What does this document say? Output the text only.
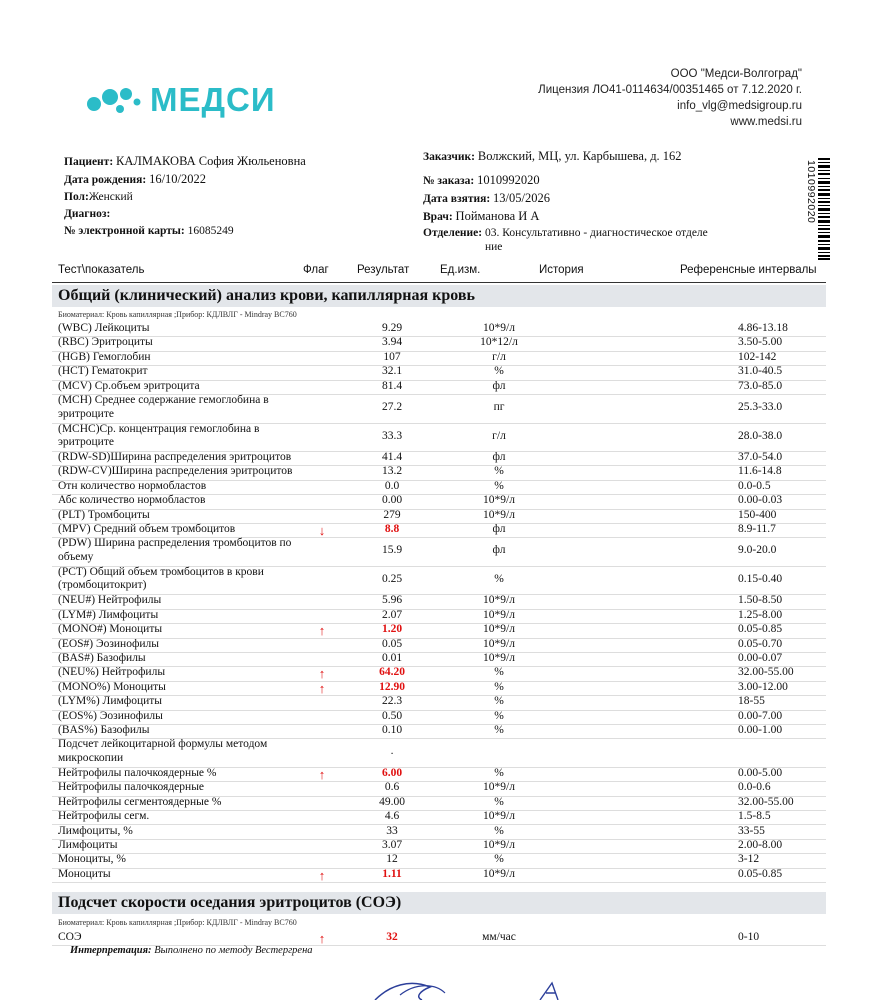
МЕДСИ
ООО "Медси-Волгоград"
Лицензия ЛО41-0114634/00351465 от 7.12.2020 г.
info_vlg@medsigroup.ru
www.medsi.ru
Пациент: КАЛМАКОВА София Жюльеновна
Дата рождения: 16/10/2022
Пол:Женский
Диагноз:
№ электронной карты: 16085249
Заказчик: Волжский, МЦ, ул. Карбышева, д. 162
№ заказа: 1010992020
Дата взятия: 13/05/2026
Врач: Пойманова И А
Отделение: 03. Консультативно - диагностическое отделе
ние
1010992020
Тест\показатель	Флаг Результат	Ед.изм.	История	Референсные интервалы
Общий (клинический) анализ крови, капиллярная кровь
Биоматериал: Кровь капиллярная ;Прибор: КДЛВЛГ - Mindray BC760
(WBC) Лейкоциты	9.29	10*9/л	4.86-13.18
(RBC) Эритроциты	3.94	10*12/л	3.50-5.00
(HGB) Гемоглобин	107	г/л	102-142
(HCT) Гематокрит	32.1	%	31.0-40.5
(MCV) Ср.объем эритроцита	81.4	фл	73.0-85.0
(MCH) Среднее содержание гемоглобина в эритроците
27.2	пг	25.3-33.0
(MCHC)Ср. концентрация гемоглобина в эритроците
33.3	г/л	28.0-38.0
(RDW-SD)Ширина распределения эритроцитов	41.4	фл	37.0-54.0
(RDW-CV)Ширина распределения эритроцитов	13.2	%	11.6-14.8
Отн количество нормобластов	0.0	%	0.0-0.5
Абс количество нормобластов	0.00	10*9/л	0.00-0.03
(PLT) Тромбоциты	279	10*9/л	150-400
(MPV) Средний объем тромбоцитов	↓	8.8	фл	8.9-11.7
(PDW) Ширина распределения тромбоцитов по объему
15.9	фл	9.0-20.0
(PCT) Общий объем тромбоцитов в крови (тромбоцитокрит)
0.25	%	0.15-0.40
(NEU#) Нейтрофилы	5.96	10*9/л	1.50-8.50
(LYM#) Лимфоциты	2.07	10*9/л	1.25-8.00
(MONO#) Моноциты	↑	1.20	10*9/л	0.05-0.85
(EOS#) Эозинофилы	0.05	10*9/л	0.05-0.70
(BAS#) Базофилы	0.01	10*9/л	0.00-0.07
(NEU%) Нейтрофилы	↑	64.20	%	32.00-55.00
(MONO%) Моноциты	↑	12.90	%	3.00-12.00
(LYM%) Лимфоциты	22.3	%	18-55
(EOS%) Эозинофилы	0.50	%	0.00-7.00
(BAS%) Базофилы	0.10	%	0.00-1.00
Подсчет лейкоцитарной формулы методом микроскопии
.
Нейтрофилы палочкоядерные %	↑	6.00	%	0.00-5.00
Нейтрофилы палочкоядерные	0.6	10*9/л	0.0-0.6
Нейтрофилы сегментоядерные %	49.00	%	32.00-55.00
Нейтрофилы сегм.	4.6	10*9/л	1.5-8.5
Лимфоциты, %	33	%	33-55
Лимфоциты	3.07	10*9/л	2.00-8.00
Моноциты, %	12	%	3-12
Моноциты	↑	1.11	10*9/л	0.05-0.85
Подсчет скорости оседания эритроцитов (СОЭ)
Биоматериал: Кровь капиллярная ;Прибор: КДЛВЛГ - Mindray BC760
СОЭ	↑	32	мм/час	0-10
Интерпретация: Выполнено по методу Вестергрена
